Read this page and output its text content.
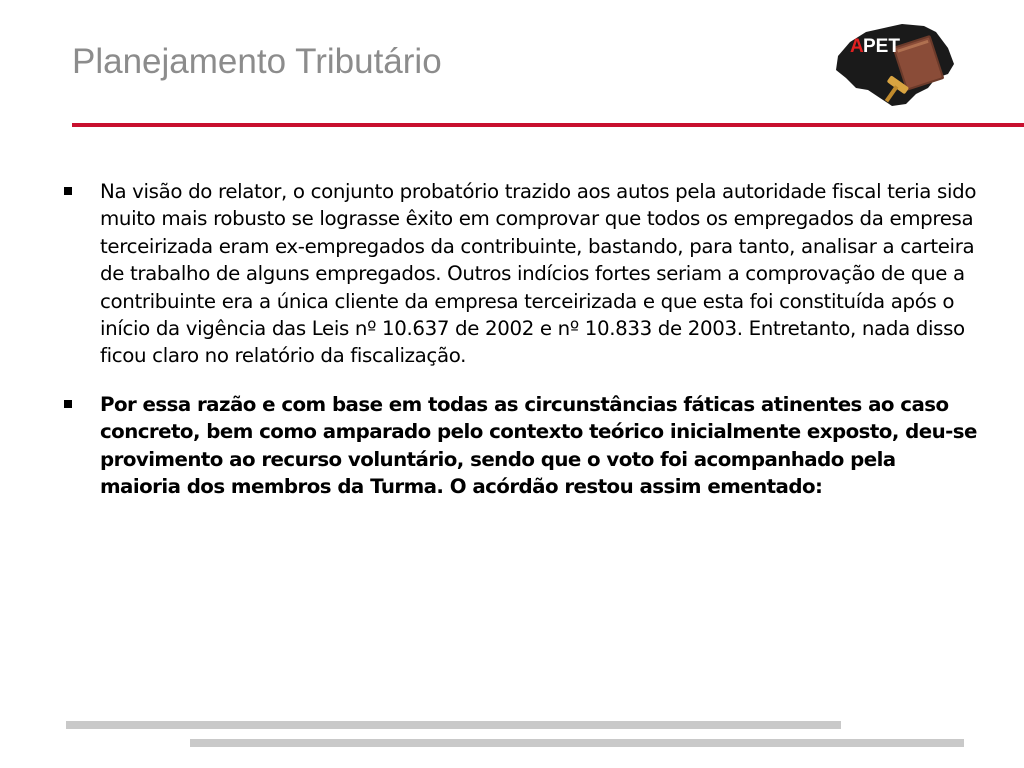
Planejamento Tributário	A PET
Na visão do relator, o conjunto probatório trazido aos autos pela autoridade fiscal teria sido muito mais robusto se lograsse êxito em comprovar que todos os empregados da empresa terceirizada eram ex-empregados da contribuinte, bastando, para tanto, analisar a carteira de trabalho de alguns empregados. Outros indícios fortes seriam a comprovação de que a contribuinte era a única cliente da empresa terceirizada e que esta foi constituída após o início da vigência das Leis nº 10.637 de 2002 e nº 10.833 de 2003. Entretanto, nada disso ficou claro no relatório da fiscalização.
Por essa razão e com base em todas as circunstâncias fáticas atinentes ao caso concreto, bem como amparado pelo contexto teórico inicialmente exposto, deu-se provimento ao recurso voluntário, sendo que o voto foi acompanhado pela maioria dos membros da Turma. O acórdão restou assim ementado:
